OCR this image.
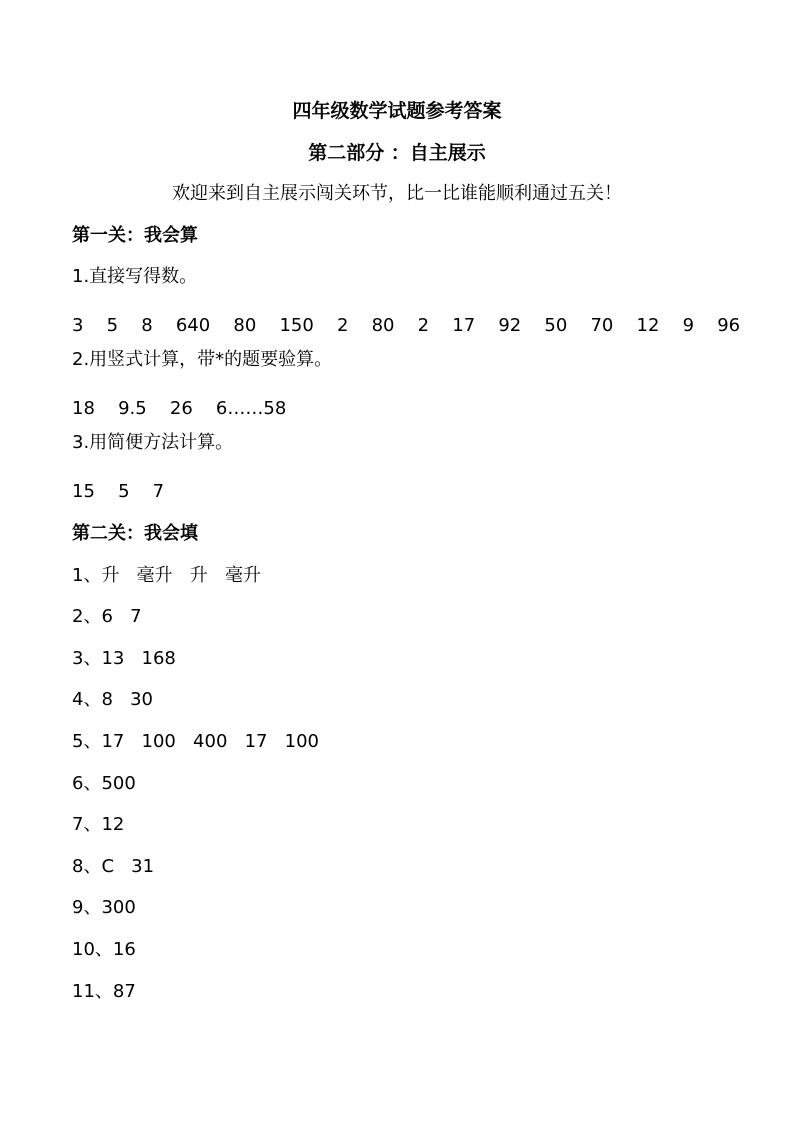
四年级数学试题参考答案
第二部分 ：自主展示
欢迎来到自主展示闯关环节，比一比谁能顺利通过五关！
第一关：我会算
1.直接写得数。
3   5   8   640   80   150   2   80   2   17   92   50   70   12   9   96
2.用竖式计算，带*的题要验算。
18   9.5   26   6……58
3.用简便方法计算。
15   5   7
第二关：我会填
1、升   毫升   升   毫升
2、6   7
3、13   168
4、8   30
5、17   100   400   17   100
6、500
7、12
8、C   31
9、300
10、16
11、87
